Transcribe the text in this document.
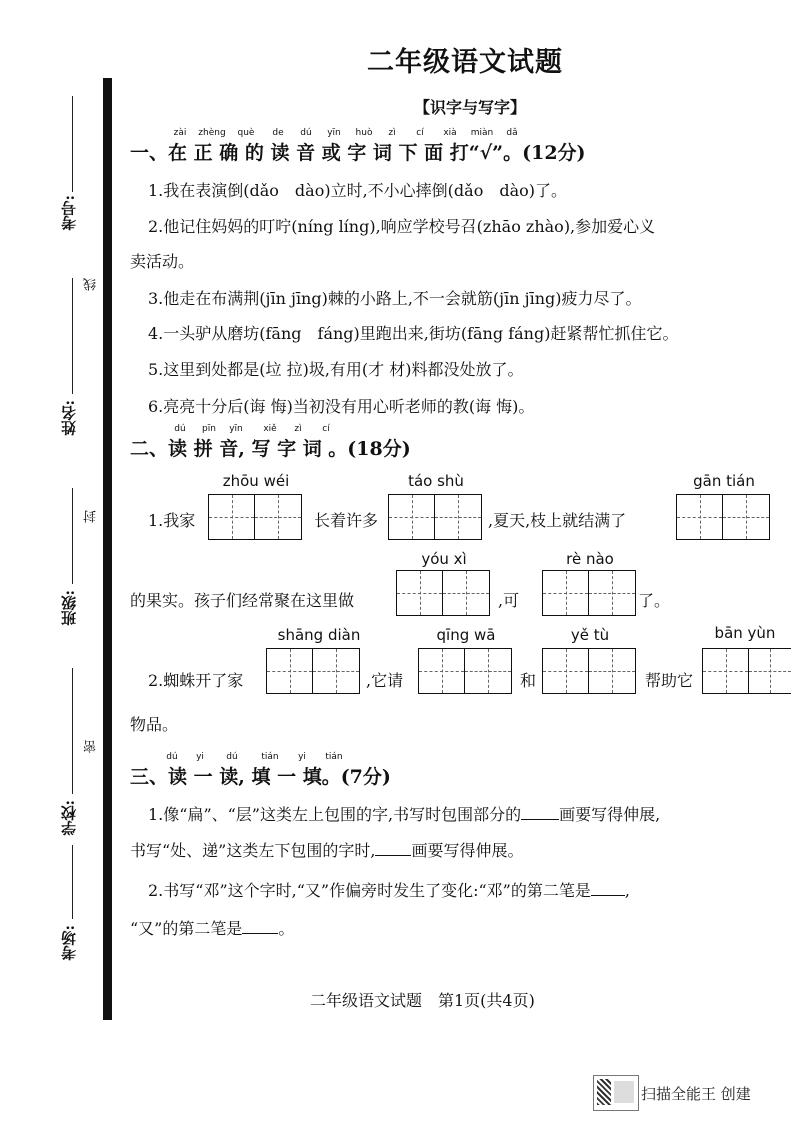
考号:
线
姓名:
封
班级:
密
学校:
考场:
二年级语文试题
【识字与写字】
zài	zhèng	què	de	dú	yīn	huò	zì	cí	xià	miàn	dǎ
一、在 正 确 的 读 音 或 字 词 下 面 打“√”。(12分)
1.我在表演倒(dǎo　dào)立时,不小心摔倒(dǎo　dào)了。
2.他记住妈妈的叮咛(níng líng),响应学校号召(zhāo zhào),参加爱心义
卖活动。
3.他走在布满荆(jīn jīng)棘的小路上,不一会就筋(jīn jīng)疲力尽了。
4.一头驴从磨坊(fāng　fáng)里跑出来,街坊(fāng fáng)赶紧帮忙抓住它。
5.这里到处都是(垃 拉)圾,有用(才 材)料都没处放了。
6.亮亮十分后(诲 悔)当初没有用心听老师的教(诲 悔)。
dú	pīn	yīn	xiě	zì	cí
二、读 拼 音, 写 字 词 。(18分)
zhōu wéi	táo shù	gān tián
1.我家	长着许多	,夏天,枝上就结满了
yóu xì	rè nào
的果实。孩子们经常聚在这里做	,可	了。
shāng diàn	qīng wā	yě tù	bān yùn
2.蜘蛛开了家	,它请	和	帮助它
物品。
dú	yi	dú	tián	yi	tián
三、读 一 读, 填 一 填。(7分)
1.像“扁”、“层”这类左上包围的字,书写时包围部分的 画要写得伸展,
书写“处、递”这类左下包围的字时, 画要写得伸展。
2.书写“邓”这个字时,“又”作偏旁时发生了变化:“邓”的第二笔是 ,
“又”的第二笔是 。
二年级语文试题　第1页(共4页)
扫描全能王 创建
